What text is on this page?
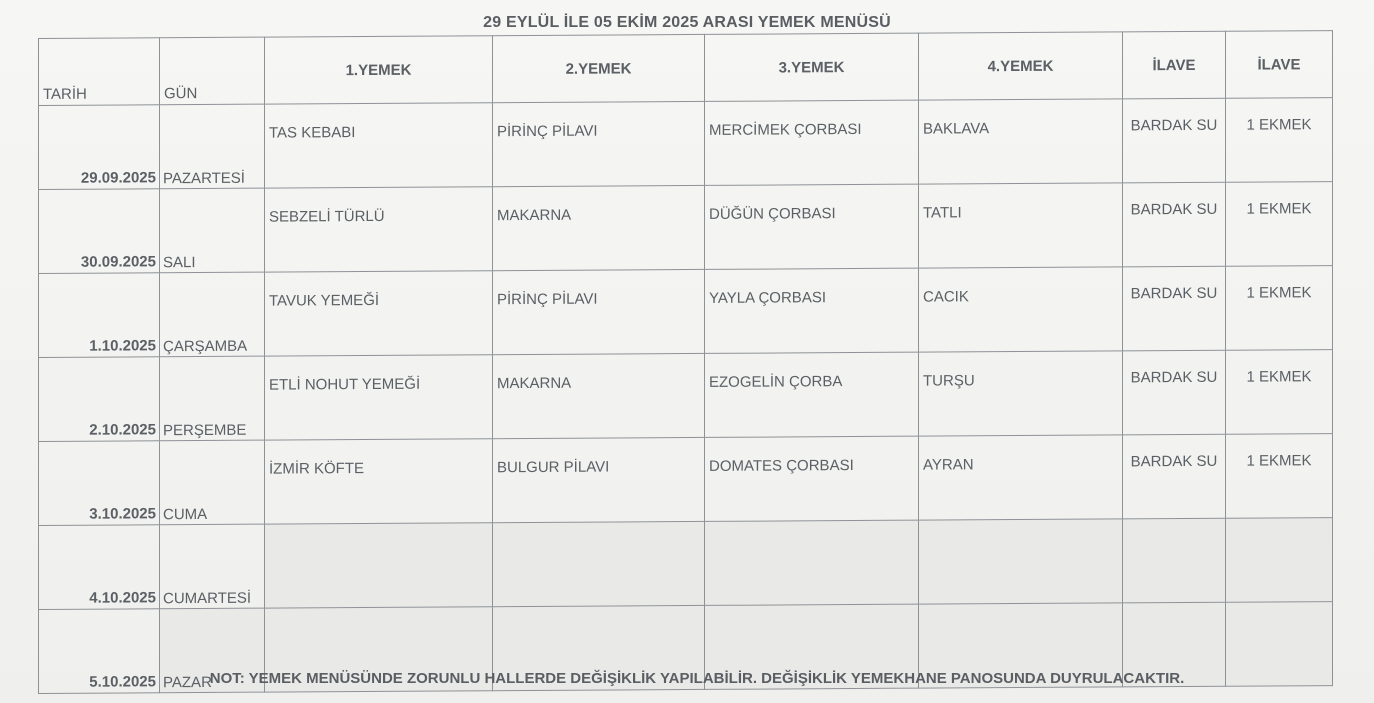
29 EYLÜL İLE 05 EKİM 2025 ARASI YEMEK MENÜSÜ
TARİH	GÜN	1.YEMEK	2.YEMEK	3.YEMEK	4.YEMEK	İLAVE	İLAVE
29.09.2025	PAZARTESİ	TAS KEBABI	PİRİNÇ PİLAVI	MERCİMEK ÇORBASI	BAKLAVA	BARDAK SU	1 EKMEK
30.09.2025	SALI	SEBZELİ TÜRLÜ	MAKARNA	DÜĞÜN ÇORBASI	TATLI	BARDAK SU	1 EKMEK
1.10.2025	ÇARŞAMBA	TAVUK YEMEĞİ	PİRİNÇ PİLAVI	YAYLA ÇORBASI	CACIK	BARDAK SU	1 EKMEK
2.10.2025	PERŞEMBE	ETLİ NOHUT YEMEĞİ	MAKARNA	EZOGELİN ÇORBA	TURŞU	BARDAK SU	1 EKMEK
3.10.2025	CUMA	İZMİR KÖFTE	BULGUR PİLAVI	DOMATES ÇORBASI	AYRAN	BARDAK SU	1 EKMEK
4.10.2025	CUMARTESİ						
5.10.2025	PAZAR						
NOT: YEMEK MENÜSÜNDE ZORUNLU HALLERDE DEĞİŞİKLİK YAPILABİLİR. DEĞİŞİKLİK YEMEKHANE PANOSUNDA DUYRULACAKTIR.
